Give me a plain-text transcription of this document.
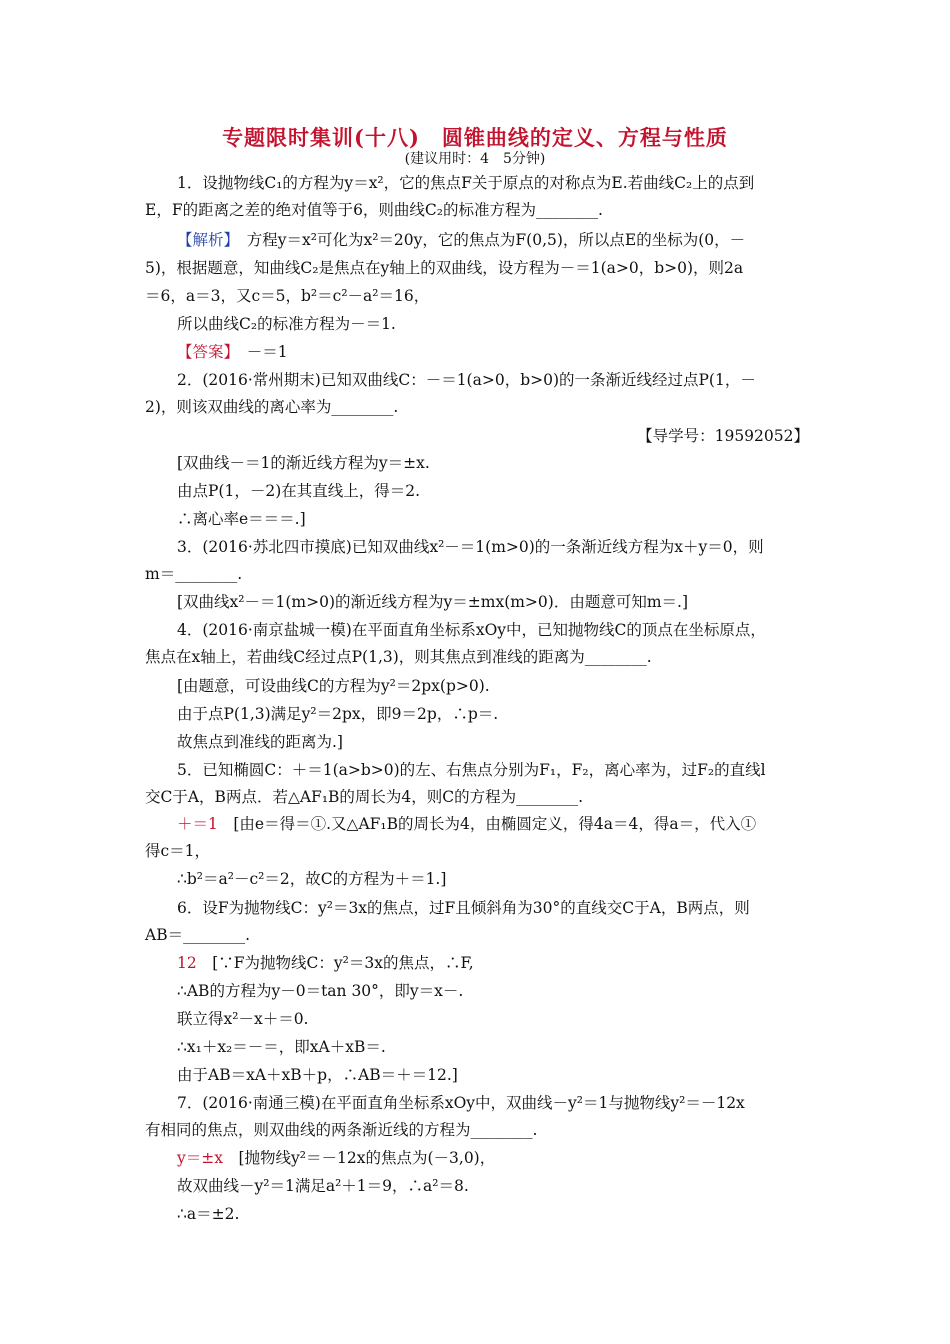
专题限时集训(十八)　圆锥曲线的定义、方程与性质
(建议用时：4　5分钟)
1．设抛物线C₁的方程为y＝x²，它的焦点F关于原点的对称点为E.若曲线C₂上的点到
E，F的距离之差的绝对值等于6，则曲线C₂的标准方程为________.
【解析】　方程y＝x²可化为x²＝20y，它的焦点为F(0,5)，所以点E的坐标为(0，－
5)，根据题意，知曲线C₂是焦点在y轴上的双曲线，设方程为－＝1(a>0，b>0)，则2a
＝6，a＝3，又c＝5，b²＝c²－a²＝16，
所以曲线C₂的标准方程为－＝1.
【答案】　－＝1
2．(2016·常州期末)已知双曲线C：－＝1(a>0，b>0)的一条渐近线经过点P(1，－
2)，则该双曲线的离心率为________.
【导学号：19592052】
[双曲线－＝1的渐近线方程为y＝±x.
由点P(1，－2)在其直线上，得＝2.
∴离心率e＝＝＝.]
3．(2016·苏北四市摸底)已知双曲线x²－＝1(m>0)的一条渐近线方程为x＋y＝0，则
m＝________.
[双曲线x²－＝1(m>0)的渐近线方程为y＝±mx(m>0)．由题意可知m＝.]
4．(2016·南京盐城一模)在平面直角坐标系xOy中，已知抛物线C的顶点在坐标原点，
焦点在x轴上，若曲线C经过点P(1,3)，则其焦点到准线的距离为________.
[由题意，可设曲线C的方程为y²＝2px(p>0).
由于点P(1,3)满足y²＝2px，即9＝2p，∴p＝.
故焦点到准线的距离为.]
5．已知椭圆C：＋＝1(a>b>0)的左、右焦点分别为F₁，F₂，离心率为，过F₂的直线l
交C于A，B两点．若△AF₁B的周长为4，则C的方程为________.
＋＝1　[由e＝得＝①.又△AF₁B的周长为4，由椭圆定义，得4a＝4，得a＝，代入①
得c＝1，
∴b²＝a²－c²＝2，故C的方程为＋＝1.]
6．设F为抛物线C：y²＝3x的焦点，过F且倾斜角为30°的直线交C于A，B两点，则
AB＝________.
12　[∵F为抛物线C：y²＝3x的焦点，∴F,
∴AB的方程为y－0＝tan 30°，即y＝x－.
联立得x²－x＋＝0.
∴x₁＋x₂＝－＝，即xA＋xB＝.
由于AB＝xA＋xB＋p，∴AB＝＋＝12.]
7．(2016·南通三模)在平面直角坐标系xOy中，双曲线－y²＝1与抛物线y²＝－12x
有相同的焦点，则双曲线的两条渐近线的方程为________.
y＝±x　[抛物线y²＝－12x的焦点为(－3,0)，
故双曲线－y²＝1满足a²＋1＝9，∴a²＝8.
∴a＝±2.
